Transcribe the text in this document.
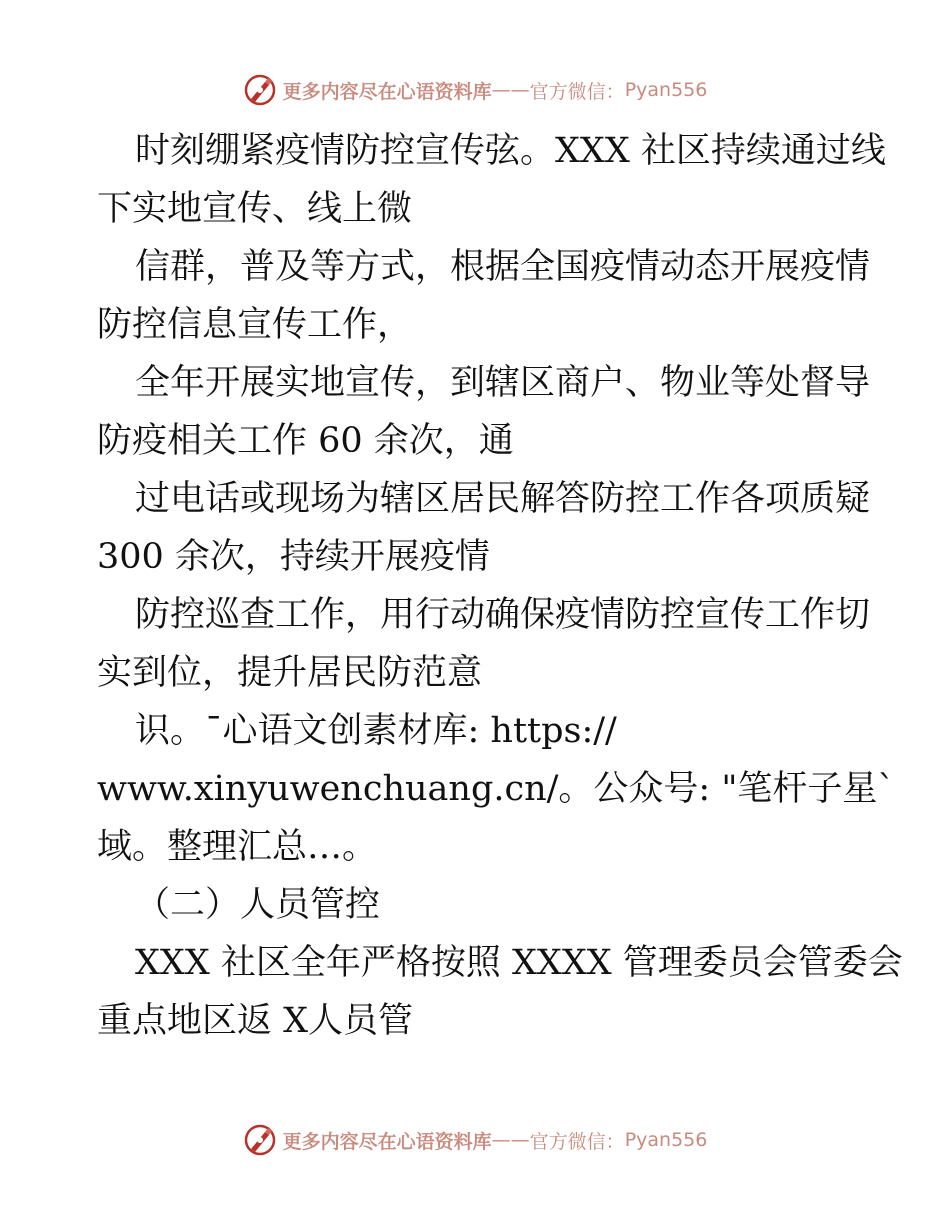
更多内容尽在心语资料库 —— 官方微信： Pyan556
时刻绷紧疫情防控宣传弦。XXX 社区持续通过线
下实地宣传、线上微
信群，普及等方式，根据全国疫情动态开展疫情
防控信息宣传工作，
全年开展实地宣传，到辖区商户、物业等处督导
防疫相关工作 60 余次，通
过电话或现场为辖区居民解答防控工作各项质疑
300 余次，持续开展疫情
防控巡查工作，用行动确保疫情防控宣传工作切
实到位，提升居民防范意
识。¯心语文创素材库: https://
www.xinyuwenchuang.cn/。公众号: "笔杆子星`
域。整理汇总…。
（二）人员管控
XXX 社区全年严格按照 XXXX 管理委员会管委会
重点地区返 X人员管
更多内容尽在心语资料库 —— 官方微信： Pyan556
